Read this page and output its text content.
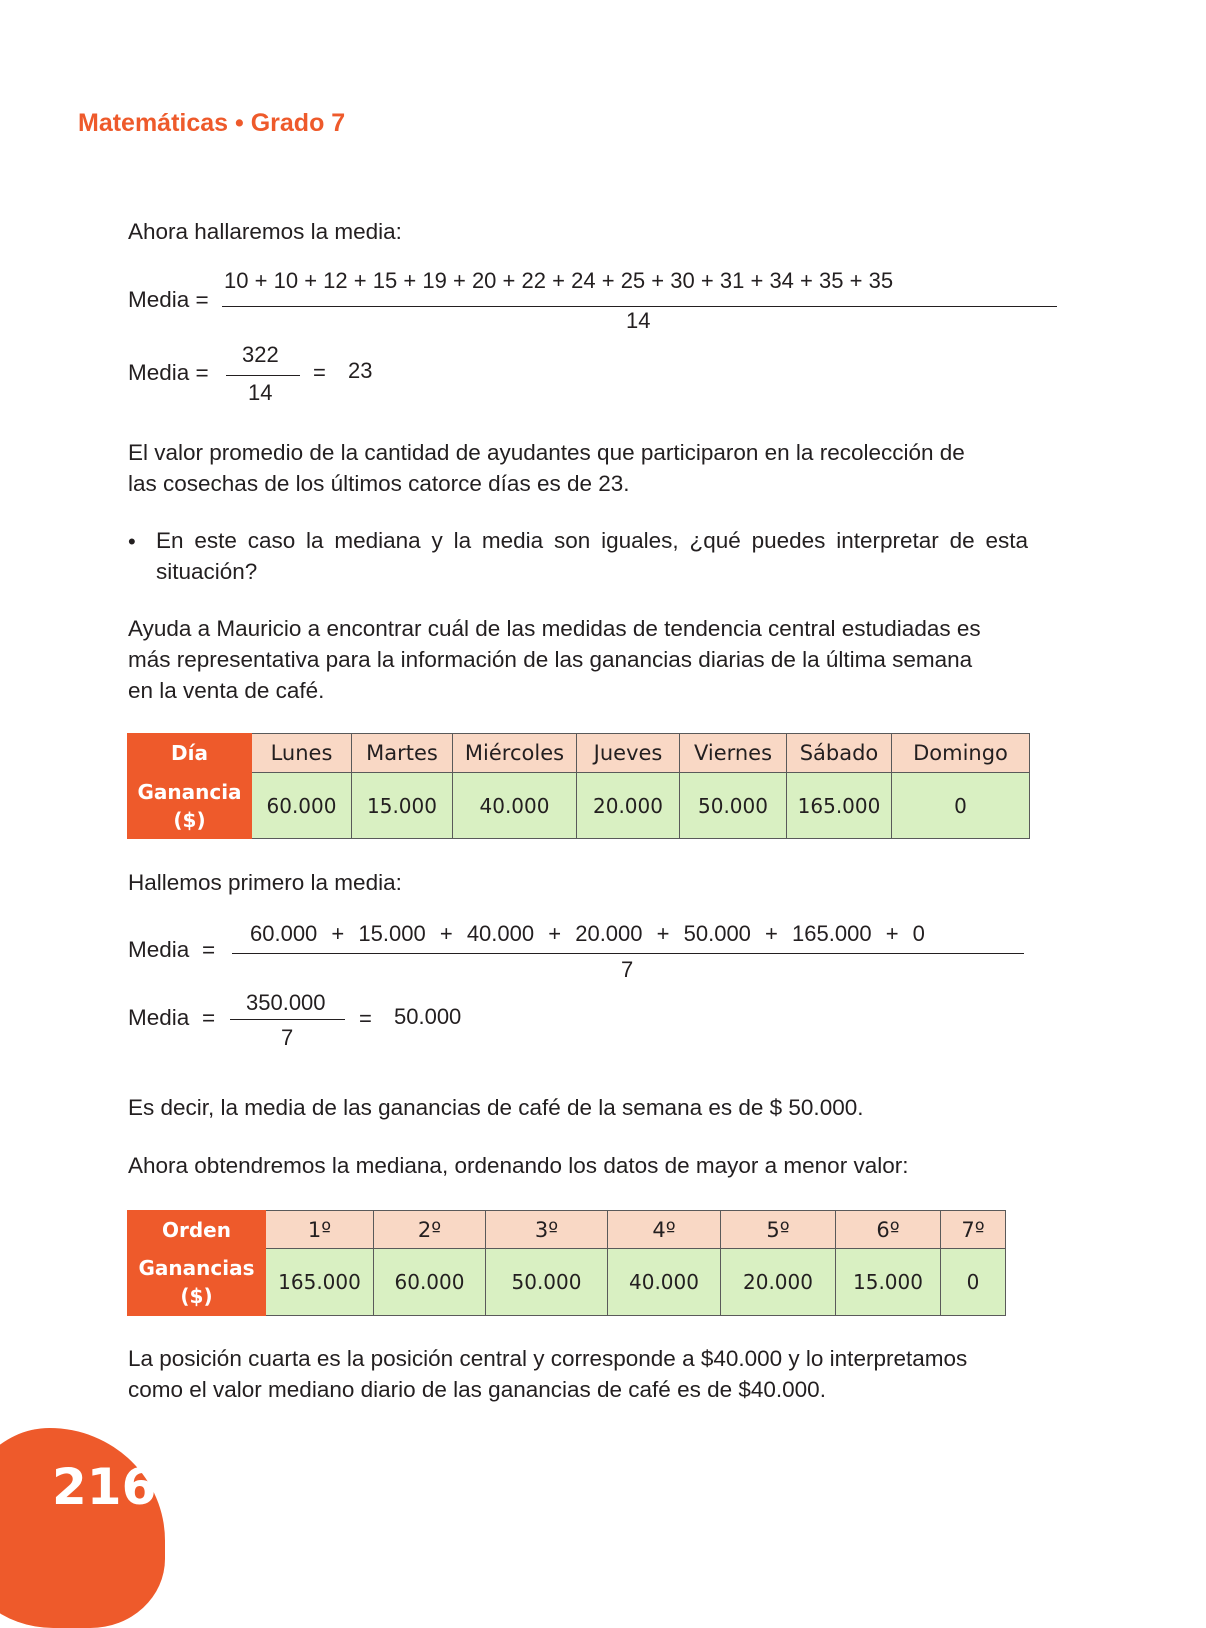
Matemáticas • Grado 7
Ahora hallaremos la media:
Media =
10 + 10 + 12 + 15 + 19 + 20 + 22 + 24 + 25 + 30 + 31 + 34 + 35 + 35
14
Media =
322
14
= 23
El valor promedio de la cantidad de ayudantes que participaron en la recolección de
las cosechas de los últimos catorce días es de 23.
• En este caso la mediana y la media son iguales, ¿qué puedes interpretar de esta situación?
Ayuda a Mauricio a encontrar cuál de las medidas de tendencia central estudiadas es
más representativa para la información de las ganancias diarias de la última semana
en la venta de café.
Día	Lunes	Martes	Miércoles	Jueves	Viernes	Sábado	Domingo

Ganancia
($)	60.000	15.000	40.000	20.000	50.000	165.000	0
Hallemos primero la media:
Media =
60.000 + 15.000 + 40.000 + 20.000 + 50.000 + 165.000 + 0
7
Media =
350.000
7
= 50.000
Es decir, la media de las ganancias de café de la semana es de $ 50.000.
Ahora obtendremos la mediana, ordenando los datos de mayor a menor valor:
Orden	1º	2º	3º	4º	5º	6º	7º

Ganancias
($)	165.000	60.000	50.000	40.000	20.000	15.000	0
La posición cuarta es la posición central y corresponde a $40.000 y lo interpretamos
como el valor mediano diario de las ganancias de café es de $40.000.
216
